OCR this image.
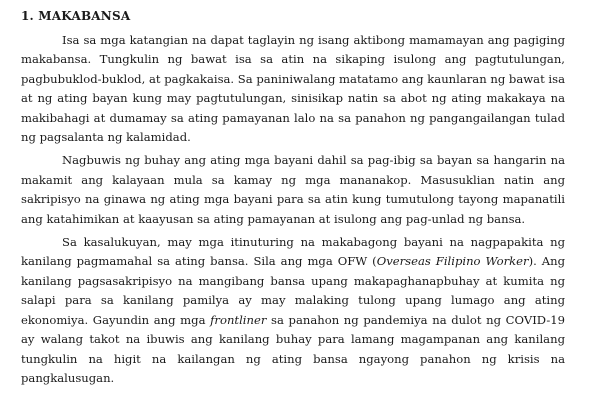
1. MAKABANSA

Isa sa mga katangian na dapat taglayin ng isang aktibong mamamayan ang pagiging makabansa. Tungkulin ng bawat isa sa atin na sikaping isulong ang pagtutulungan, pagbubuklod-buklod, at pagkakaisa. Sa paniniwalang matatamo ang kaunlaran ng bawat isa at ng ating bayan kung may pagtutulungan, sinisikap natin sa abot ng ating makakaya na makibahagi at dumamay sa ating pamayanan lalo na sa panahon ng pangangailangan tulad ng pagsalanta ng kalamidad.

Nagbuwis ng buhay ang ating mga bayani dahil sa pag-ibig sa bayan sa hangarin na makamit ang kalayaan mula sa kamay ng mga mananakop. Masusuklian natin ang sakripisyo na ginawa ng ating mga bayani para sa atin kung tumutulong tayong mapanatili ang katahimikan at kaayusan sa ating pamayanan at isulong ang pag-unlad ng bansa.

Sa kasalukuyan, may mga itinuturing na makabagong bayani na nagpapakita ng kanilang pagmamahal sa ating bansa. Sila ang mga OFW (Overseas Filipino Worker). Ang kanilang pagsasakripisyo na mangibang bansa upang makapaghanapbuhay at kumita ng salapi para sa kanilang pamilya ay may malaking tulong upang lumago ang ating ekonomiya. Gayundin ang mga frontliner sa panahon ng pandemiya na dulot ng COVID-19 ay walang takot na ibuwis ang kanilang buhay para lamang magampanan ang kanilang tungkulin na higit na kailangan ng ating bansa ngayong panahon ng krisis na pangkalusugan.
